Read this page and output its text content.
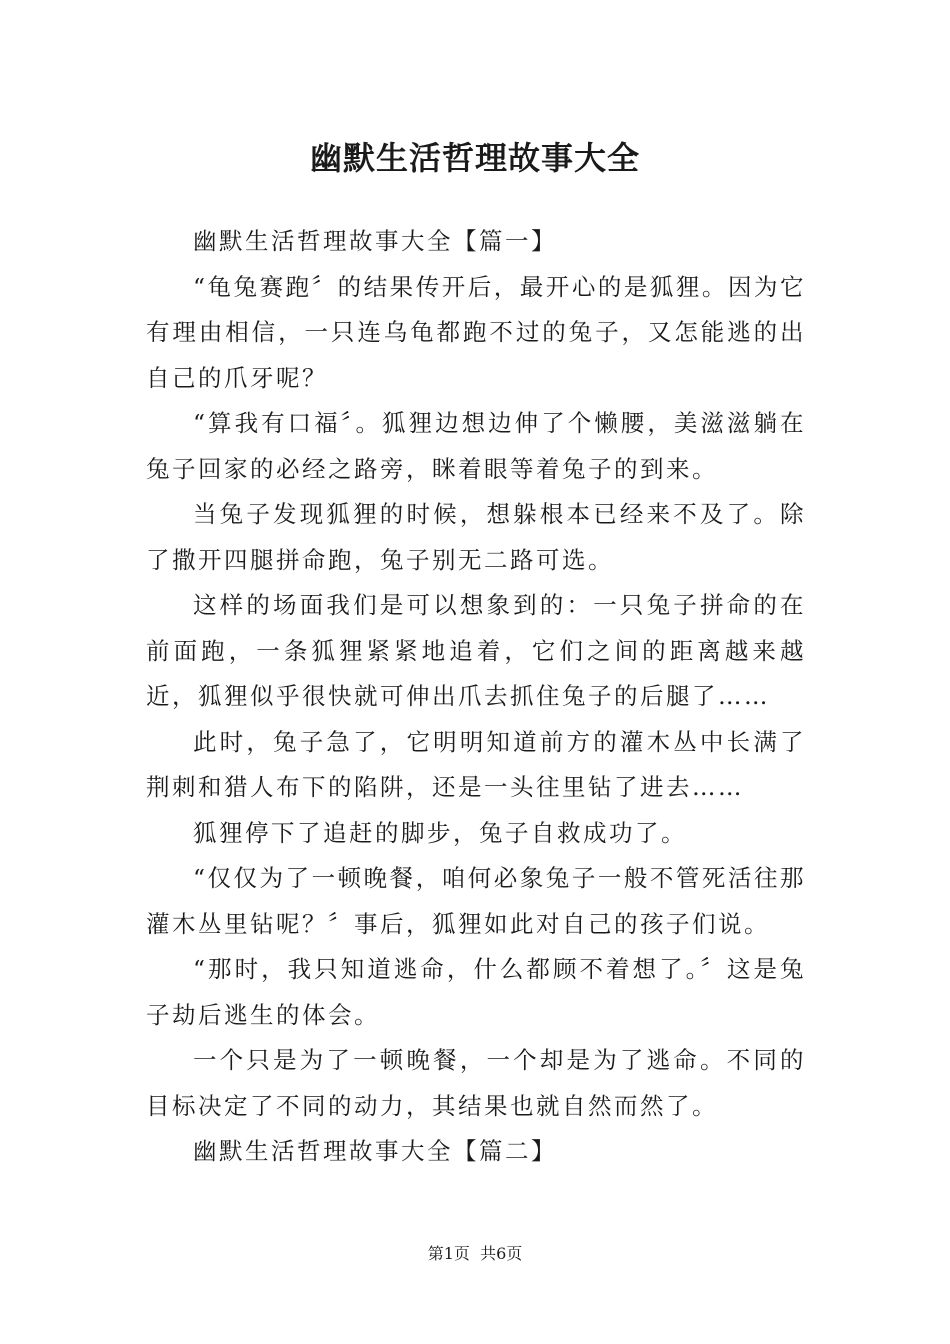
幽默生活哲理故事大全

幽默生活哲理故事大全【篇一】

“龟兔赛跑〞的结果传开后，最开心的是狐狸。因为它有理由相信，一只连乌龟都跑不过的兔子，又怎能逃的出自己的爪牙呢？

“算我有口福〞。狐狸边想边伸了个懒腰，美滋滋躺在兔子回家的必经之路旁，眯着眼等着兔子的到来。

当兔子发现狐狸的时候，想躲根本已经来不及了。除了撒开四腿拼命跑，兔子别无二路可选。

这样的场面我们是可以想象到的：一只兔子拼命的在前面跑，一条狐狸紧紧地追着，它们之间的距离越来越近，狐狸似乎很快就可伸出爪去抓住兔子的后腿了……

此时，兔子急了，它明明知道前方的灌木丛中长满了荆刺和猎人布下的陷阱，还是一头往里钻了进去……

狐狸停下了追赶的脚步，兔子自救成功了。

“仅仅为了一顿晚餐，咱何必象兔子一般不管死活往那灌木丛里钻呢？〞事后，狐狸如此对自己的孩子们说。

“那时，我只知道逃命，什么都顾不着想了。〞这是兔子劫后逃生的体会。

一个只是为了一顿晚餐，一个却是为了逃命。不同的目标决定了不同的动力，其结果也就自然而然了。

幽默生活哲理故事大全【篇二】

第1页  共6页
